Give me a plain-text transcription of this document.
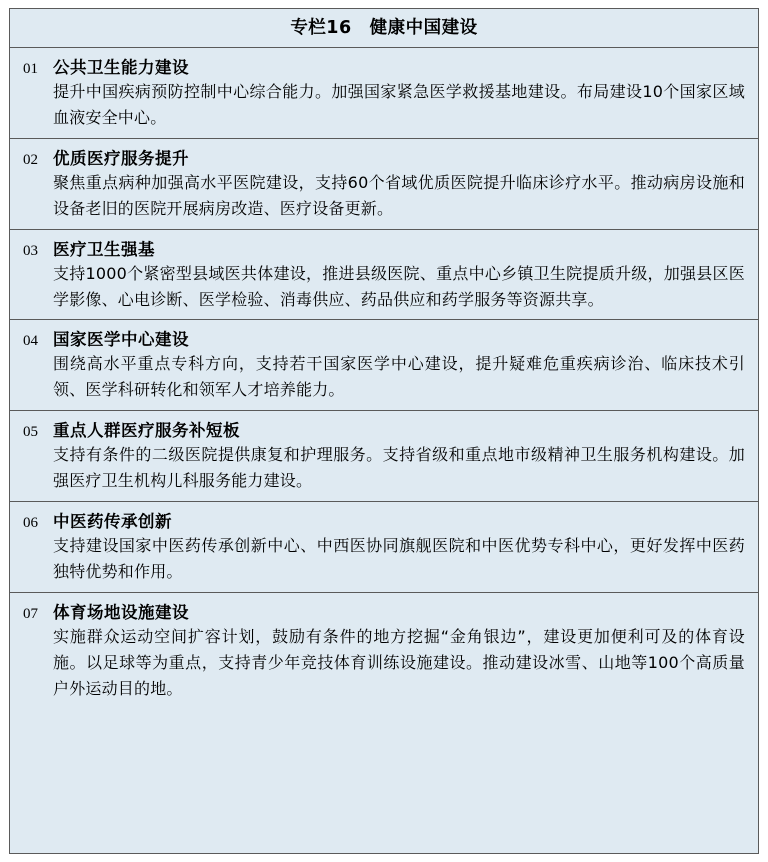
专栏16　健康中国建设
01 公共卫生能力建设
提升中国疾病预防控制中心综合能力。加强国家紧急医学救援基地建设。布局建设10个国家区域血液安全中心。
02 优质医疗服务提升
聚焦重点病种加强高水平医院建设，支持60个省域优质医院提升临床诊疗水平。推动病房设施和设备老旧的医院开展病房改造、医疗设备更新。
03 医疗卫生强基
支持1000个紧密型县域医共体建设，推进县级医院、重点中心乡镇卫生院提质升级，加强县区医学影像、心电诊断、医学检验、消毒供应、药品供应和药学服务等资源共享。
04 国家医学中心建设
围绕高水平重点专科方向，支持若干国家医学中心建设，提升疑难危重疾病诊治、临床技术引领、医学科研转化和领军人才培养能力。
05 重点人群医疗服务补短板
支持有条件的二级医院提供康复和护理服务。支持省级和重点地市级精神卫生服务机构建设。加强医疗卫生机构儿科服务能力建设。
06 中医药传承创新
支持建设国家中医药传承创新中心、中西医协同旗舰医院和中医优势专科中心，更好发挥中医药独特优势和作用。
07 体育场地设施建设
实施群众运动空间扩容计划，鼓励有条件的地方挖掘“金角银边”，建设更加便利可及的体育设施。以足球等为重点，支持青少年竞技体育训练设施建设。推动建设冰雪、山地等100个高质量户外运动目的地。
